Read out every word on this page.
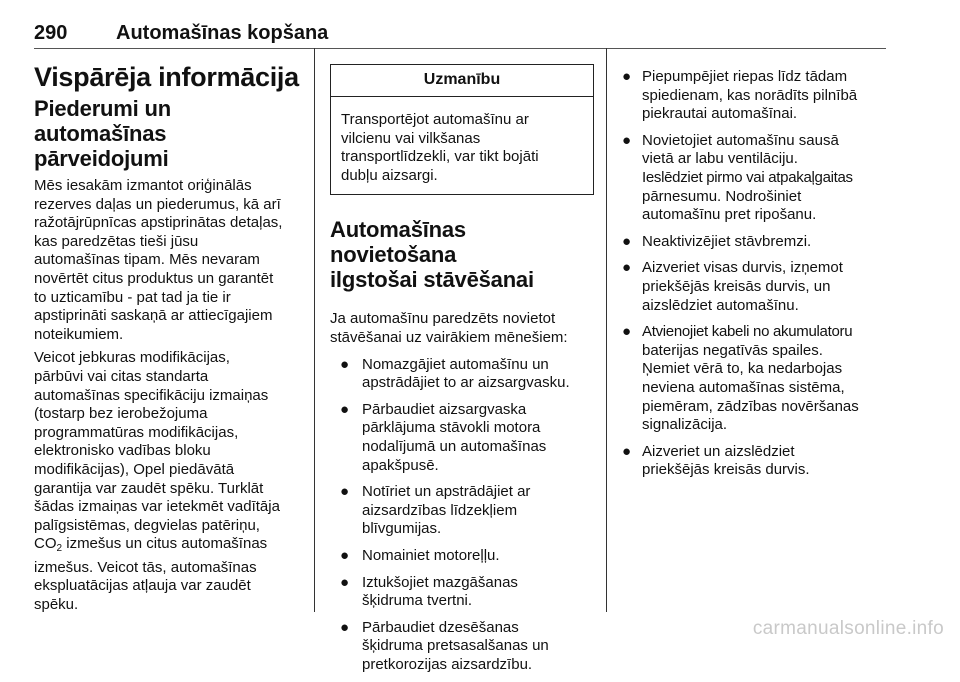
290 Automašīnas kopšana
Vispārēja informācija
Piederumi un automašīnas
pārveidojumi
Mēs iesakām izmantot oriģinālās
rezerves daļas un piederumus, kā arī
ražotājrūpnīcas apstiprinātas detaļas,
kas paredzētas tieši jūsu
automašīnas tipam. Mēs nevaram
novērtēt citus produktus un garantēt
to uzticamību - pat tad ja tie ir
apstiprināti saskaņā ar attiecīgajiem
noteikumiem.
Veicot jebkuras modifikācijas,
pārbūvi vai citas standarta
automašīnas specifikāciju izmaiņas
(tostarp bez ierobežojuma
programmatūras modifikācijas,
elektronisko vadības bloku
modifikācijas), Opel piedāvātā
garantija var zaudēt spēku. Turklāt
šādas izmaiņas var ietekmēt vadītāja
palīgsistēmas, degvielas patēriņu,
$CO_2$ izmešus un citus automašīnas
izmešus. Veicot tās, automašīnas
ekspluatācijas atļauja var zaudēt
spēku.
Uzmanību
Transportējot automašīnu ar
vilcienu vai vilkšanas
transportlīdzekli, var tikt bojāti
dubļu aizsargi.
Automašīnas novietošana
ilgstošai stāvēšanai
Ja automašīnu paredzēts novietot
stāvēšanai uz vairākiem mēnešiem:
● Nomazgājiet automašīnu un
apstrādājiet to ar aizsargvasku.
● Pārbaudiet aizsargvaska
pārklājuma stāvokli motora
nodalījumā un automašīnas
apakšpusē.
● Notīriet un apstrādājiet ar
aizsardzības līdzekļiem
blīvgumijas.
● Nomainiet motoreļļu.
● Iztukšojiet mazgāšanas
šķidruma tvertni.
● Pārbaudiet dzesēšanas
šķidruma pretsasalšanas un
pretkorozijas aizsardzību.
● Piepumpējiet riepas līdz tādam
spiedienam, kas norādīts pilnībā
piekrautai automašīnai.
● Novietojiet automašīnu sausā
vietā ar labu ventilāciju.
Ieslēdziet pirmo vai atpakaļgaitas
pārnesumu. Nodrošiniet
automašīnu pret ripošanu.
● Neaktivizējiet stāvbremzi.
● Aizveriet visas durvis, izņemot
priekšējās kreisās durvis, un
aizslēdziet automašīnu.
● Atvienojiet kabeli no akumulatoru
baterijas negatīvās spailes.
Ņemiet vērā to, ka nedarbojas
neviena automašīnas sistēma,
piemēram, zādzības novēršanas
signalizācija.
● Aizveriet un aizslēdziet
priekšējās kreisās durvis.
carmanualsonline.info
